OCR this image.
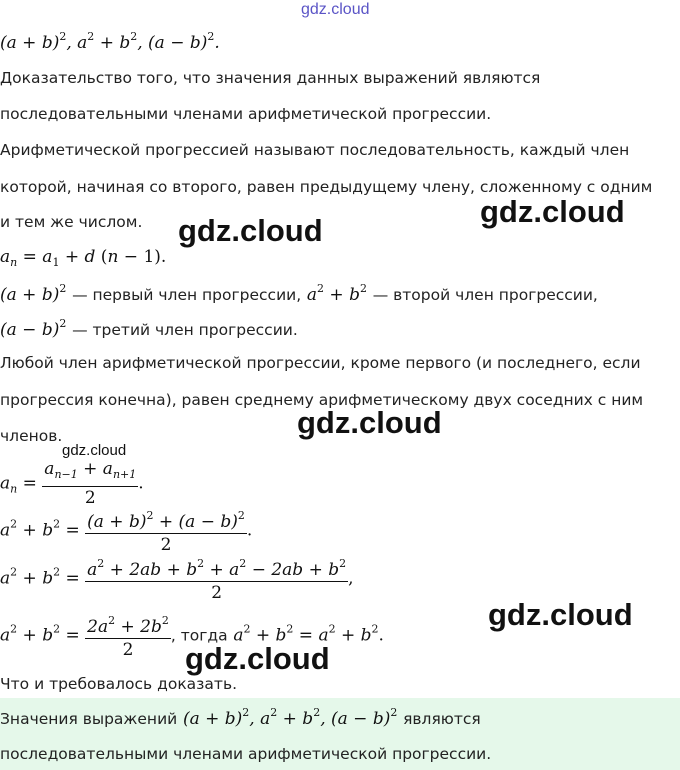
gdz.cloud
gdz.cloud
gdz.cloud
gdz.cloud
gdz.cloud
gdz.cloud
gdz.cloud
$(a + b)^2$, $a^2 + b^2$, $(a - b)^2$.

Доказательство того, что значения данных выражений являются

последовательными членами арифметической прогрессии.

Арифметической прогрессией называют последовательность, каждый член

которой, начиная со второго, равен предыдущему члену, сложенному с одним

и тем же числом.

$a_n = a_1 + d$ (n − 1).
$(a + b)^2$ — первый член прогрессии, $a^2 + b^2$ — второй член прогрессии,
$(a - b)^2$ — третий член прогрессии.

Любой член арифметической прогрессии, кроме первого (и последнего, если

прогрессия конечна), равен среднему арифметическому двух соседних с ним

членов.

$a_n = \frac{a_{n-1} + a_{n+1}}{2}$ .
$a^2 + b^2 = \frac{(a + b)^2 + (a - b)^2}{2}$ .
$a^2 + b^2 = \frac{a^2 + 2ab + b^2 + a^2 - 2ab + b^2}{2}$ ,
$a^2 + b^2 = \frac{2a^2 + 2b^2}{2}$ , тогда $a^2 + b^2 = a^2 + b^2$.

Что и требовалось доказать.

Значения выражений $(a + b)^2$, $a^2 + b^2$, $(a - b)^2$ являются

последовательными членами арифметической прогрессии.
